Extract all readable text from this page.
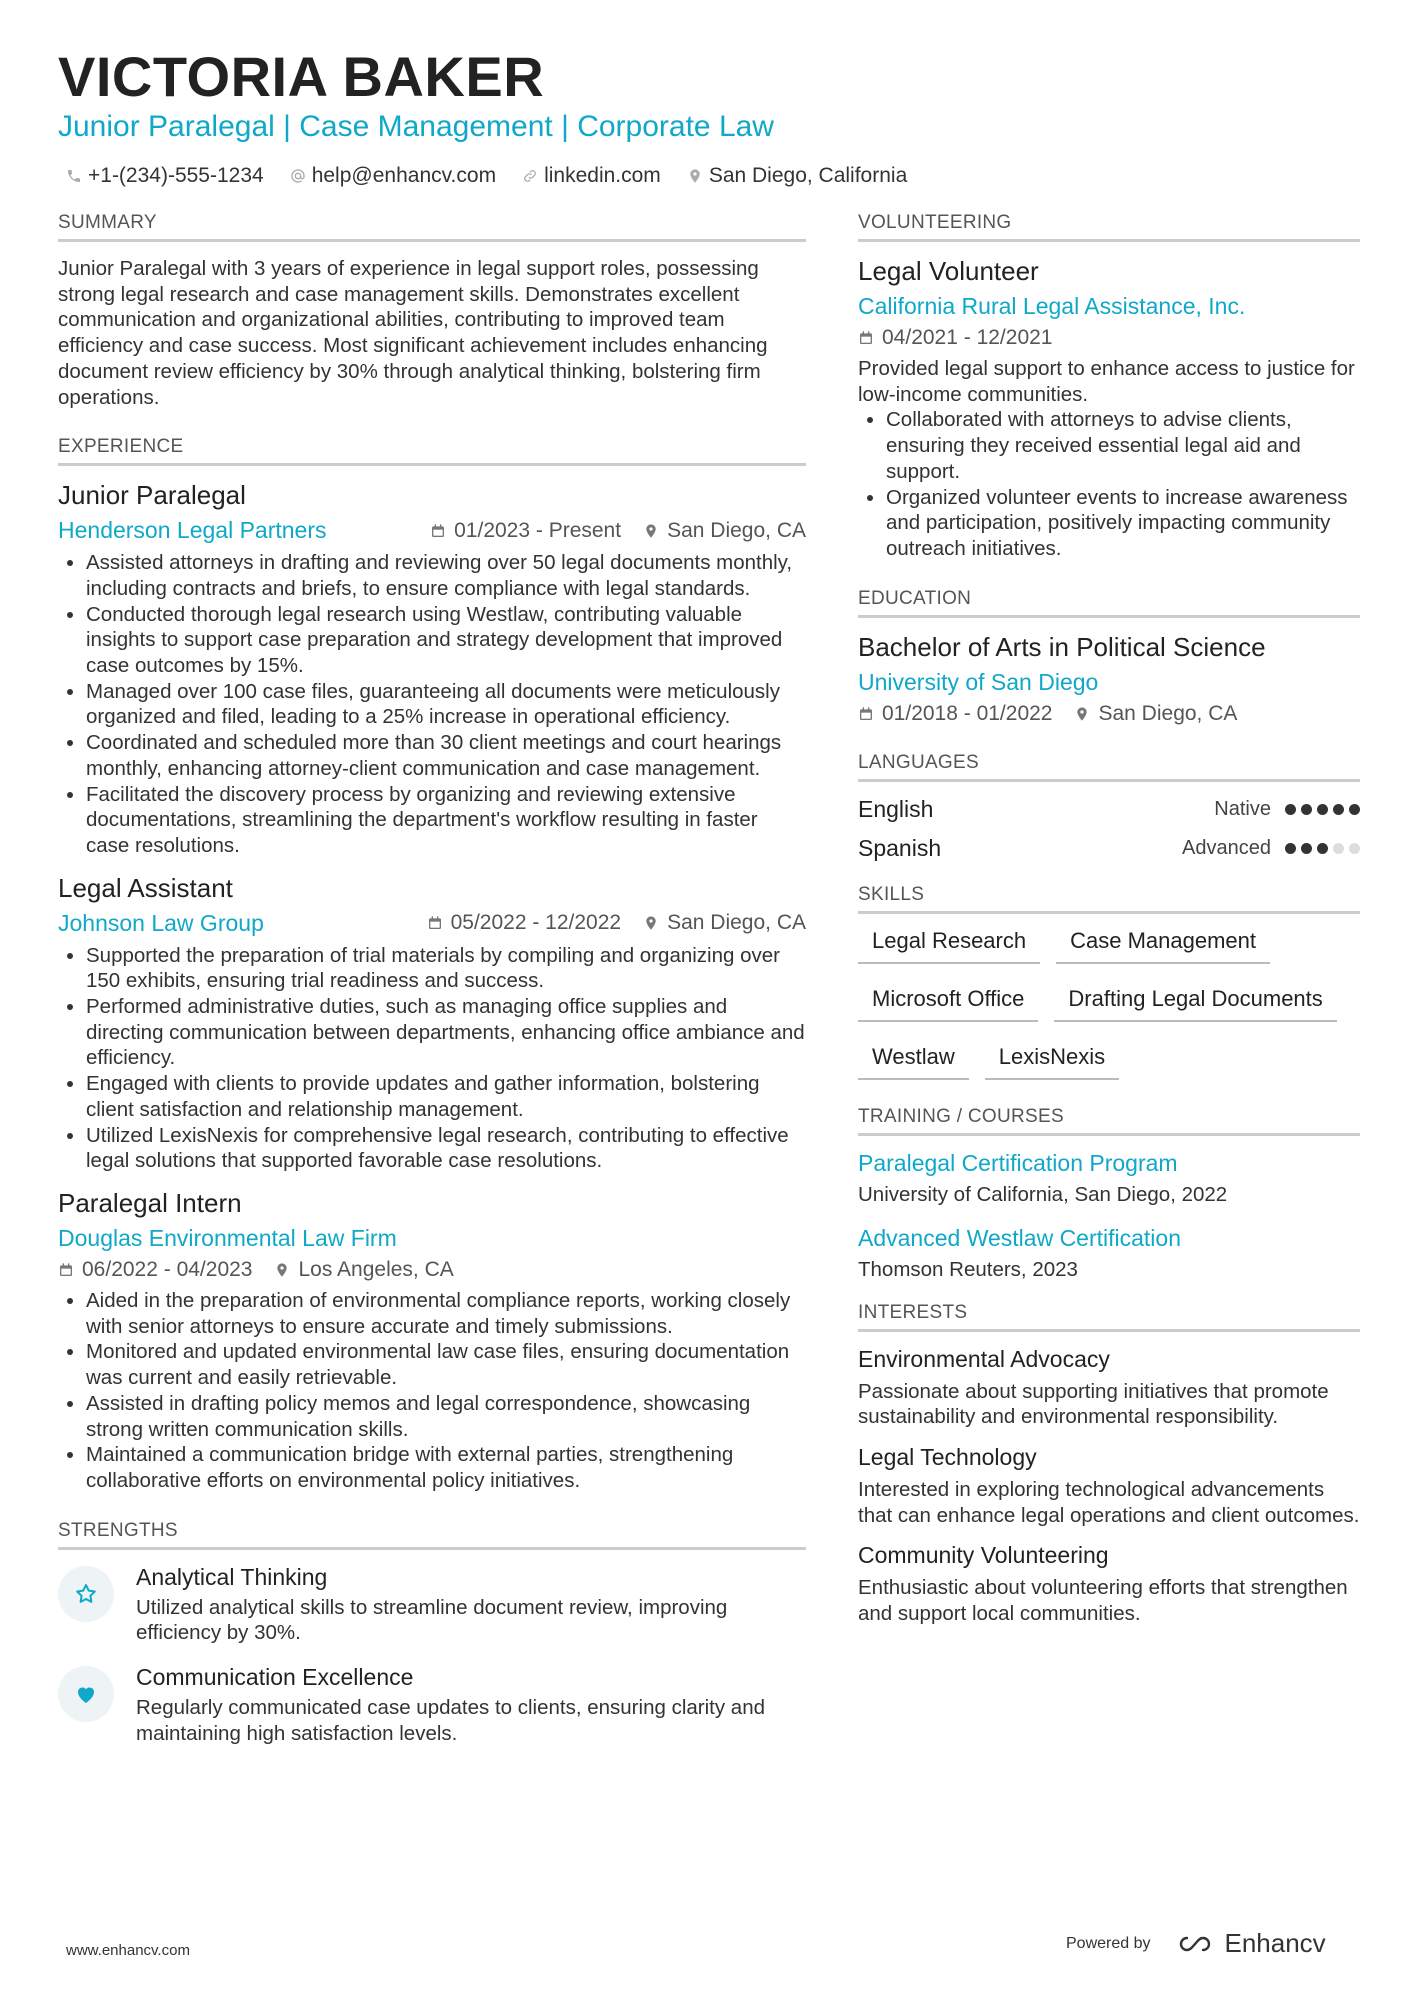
VICTORIA BAKER
Junior Paralegal | Case Management | Corporate Law
+1-(234)-555-1234 help@enhancv.com linkedin.com San Diego, California
SUMMARY

Junior Paralegal with 3 years of experience in legal support roles, possessing strong legal research and case management skills. Demonstrates excellent communication and organizational abilities, contributing to improved team efficiency and case success. Most significant achievement includes enhancing document review efficiency by 30% through analytical thinking, bolstering firm operations.

EXPERIENCE
Junior Paralegal
Henderson Legal Partners	01/2023 - Present San Diego, CA
• Assisted attorneys in drafting and reviewing over 50 legal documents monthly, including contracts and briefs, to ensure compliance with legal standards.
• Conducted thorough legal research using Westlaw, contributing valuable insights to support case preparation and strategy development that improved case outcomes by 15%.
• Managed over 100 case files, guaranteeing all documents were meticulously organized and filed, leading to a 25% increase in operational efficiency.
• Coordinated and scheduled more than 30 client meetings and court hearings monthly, enhancing attorney-client communication and case management.
• Facilitated the discovery process by organizing and reviewing extensive documentations, streamlining the department's workflow resulting in faster case resolutions.
Legal Assistant
Johnson Law Group	05/2022 - 12/2022 San Diego, CA
• Supported the preparation of trial materials by compiling and organizing over 150 exhibits, ensuring trial readiness and success.
• Performed administrative duties, such as managing office supplies and directing communication between departments, enhancing office ambiance and efficiency.
• Engaged with clients to provide updates and gather information, bolstering client satisfaction and relationship management.
• Utilized LexisNexis for comprehensive legal research, contributing to effective legal solutions that supported favorable case resolutions.
Paralegal Intern
Douglas Environmental Law Firm
06/2022 - 04/2023 Los Angeles, CA
• Aided in the preparation of environmental compliance reports, working closely with senior attorneys to ensure accurate and timely submissions.
• Monitored and updated environmental law case files, ensuring documentation was current and easily retrievable.
• Assisted in drafting policy memos and legal correspondence, showcasing strong written communication skills.
• Maintained a communication bridge with external parties, strengthening collaborative efforts on environmental policy initiatives.
STRENGTHS
Analytical Thinking

Utilized analytical skills to streamline document review, improving efficiency by 30%.

Communication Excellence

Regularly communicated case updates to clients, ensuring clarity and maintaining high satisfaction levels.

VOLUNTEERING
Legal Volunteer
California Rural Legal Assistance, Inc.
04/2021 - 12/2021

Provided legal support to enhance access to justice for low-income communities.

• Collaborated with attorneys to advise clients, ensuring they received essential legal aid and support.
• Organized volunteer events to increase awareness and participation, positively impacting community outreach initiatives.
EDUCATION
Bachelor of Arts in Political Science
University of San Diego
01/2018 - 01/2022 San Diego, CA
LANGUAGES
English	Native
Spanish	Advanced
SKILLS
Legal Research	Case Management
Microsoft Office	Drafting Legal Documents
Westlaw	LexisNexis
TRAINING / COURSES
Paralegal Certification Program
University of California, San Diego, 2022
Advanced Westlaw Certification
Thomson Reuters, 2023
INTERESTS
Environmental Advocacy

Passionate about supporting initiatives that promote sustainability and environmental responsibility.

Legal Technology

Interested in exploring technological advancements that can enhance legal operations and client outcomes.

Community Volunteering

Enthusiastic about volunteering efforts that strengthen and support local communities.

www.enhancv.com	Powered by	Enhancv
